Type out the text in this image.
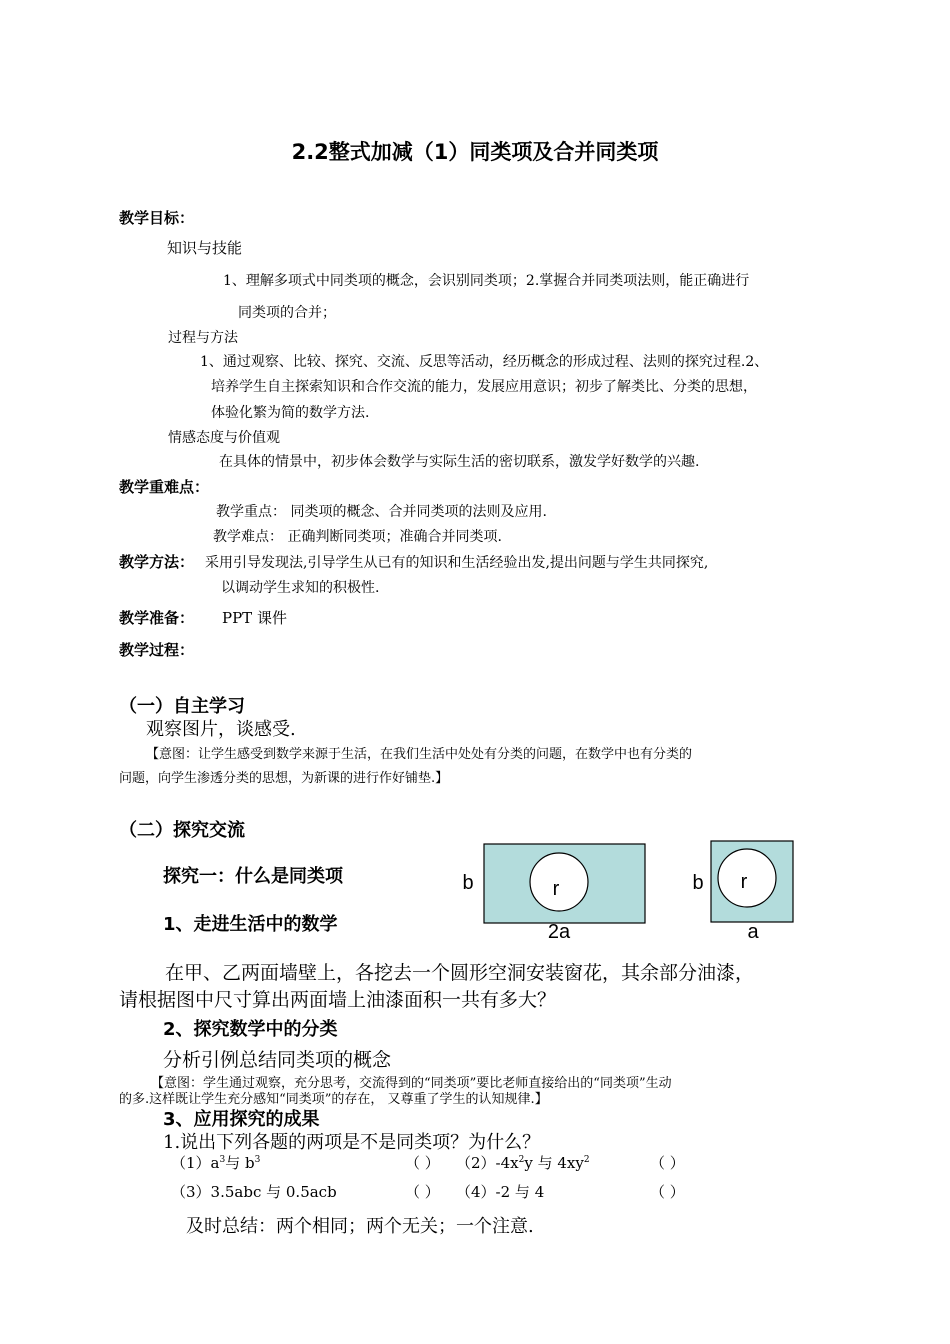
2.2整式加减（1）同类项及合并同类项
教学目标：
知识与技能
1、理解多项式中同类项的概念，会识别同类项；2.掌握合并同类项法则，能正确进行
同类项的合并；
过程与方法
1、通过观察、比较、探究、交流、反思等活动，经历概念的形成过程、法则的探究过程.2、
培养学生自主探索知识和合作交流的能力，发展应用意识；初步了解类比、分类的思想，
体验化繁为简的数学方法.
情感态度与价值观
在具体的情景中，初步体会数学与实际生活的密切联系，激发学好数学的兴趣.
教学重难点：
教学重点： 同类项的概念、合并同类项的法则及应用.
教学难点： 正确判断同类项；准确合并同类项.
教学方法： 采用引导发现法,引导学生从已有的知识和生活经验出发,提出问题与学生共同探究,
以调动学生求知的积极性.
教学准备： PPT 课件
教学过程：
（一）自主学习
观察图片，谈感受.
【意图：让学生感受到数学来源于生活，在我们生活中处处有分类的问题，在数学中也有分类的
问题，向学生渗透分类的思想，为新课的进行作好铺垫.】
（二）探究交流
探究一：什么是同类项
1、走进生活中的数学
r
b
2a
r
b
a
在甲、乙两面墙壁上，各挖去一个圆形空洞安装窗花，其余部分油漆，
请根据图中尺寸算出两面墙上油漆面积一共有多大？
2、探究数学中的分类
分析引例总结同类项的概念
【意图：学生通过观察，充分思考，交流得到的“同类项”要比老师直接给出的“同类项”生动
的多.这样既让学生充分感知“同类项”的存在， 又尊重了学生的认知规律.】
3、应用探究的成果
1.说出下列各题的两项是不是同类项？为什么？
$(1)a^3$与 $b^3$	（ ） $(2)-4x^2y$ 与 $4xy^2$	（ ）
（3）3.5abc 与 0.5acb	（ ） （4）-2 与 4	（ ）
及时总结：两个相同；两个无关；一个注意.
